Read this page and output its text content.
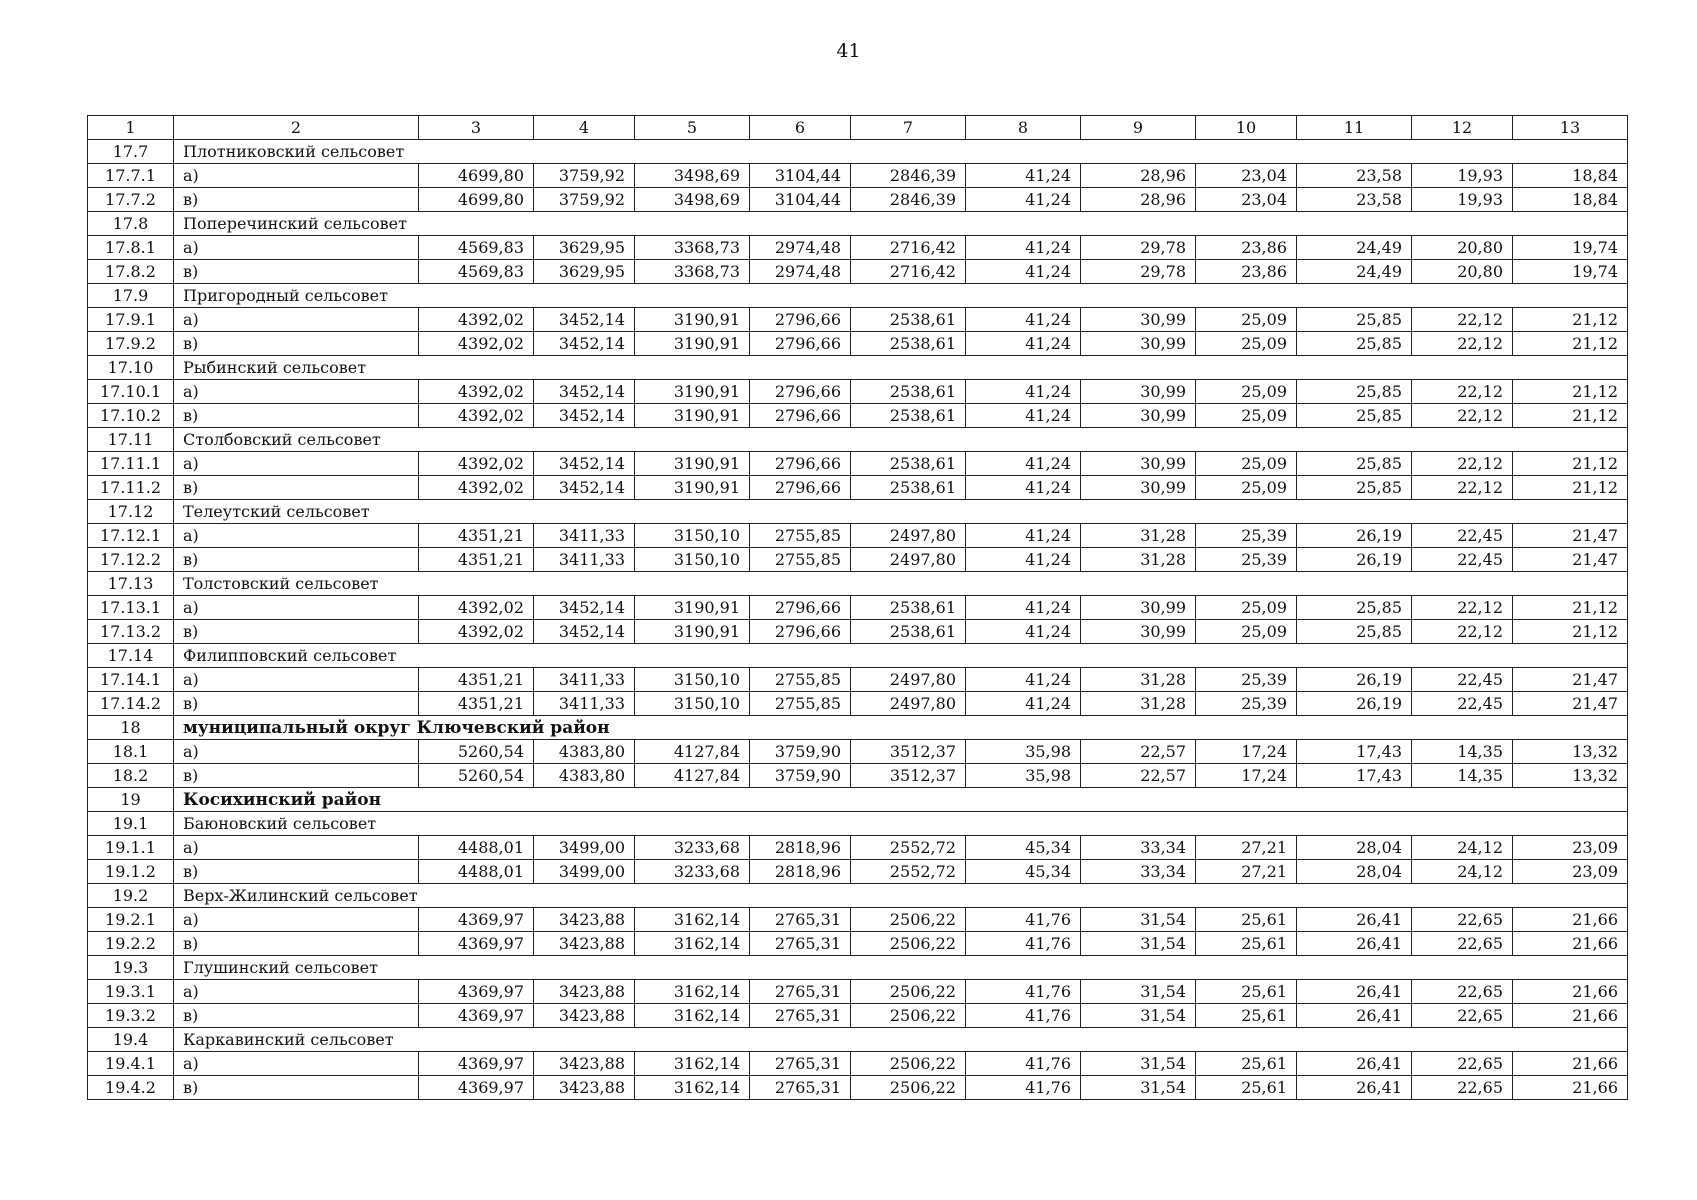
41
1	2	3	4	5	6	7	8	9	10	11	12	13
17.7	Плотниковский сельсовет											
17.7.1	а)	4699,80	3759,92	3498,69	3104,44	2846,39	41,24	28,96	23,04	23,58	19,93	18,84
17.7.2	в)	4699,80	3759,92	3498,69	3104,44	2846,39	41,24	28,96	23,04	23,58	19,93	18,84
17.8	Поперечинский сельсовет											
17.8.1	а)	4569,83	3629,95	3368,73	2974,48	2716,42	41,24	29,78	23,86	24,49	20,80	19,74
17.8.2	в)	4569,83	3629,95	3368,73	2974,48	2716,42	41,24	29,78	23,86	24,49	20,80	19,74
17.9	Пригородный сельсовет											
17.9.1	а)	4392,02	3452,14	3190,91	2796,66	2538,61	41,24	30,99	25,09	25,85	22,12	21,12
17.9.2	в)	4392,02	3452,14	3190,91	2796,66	2538,61	41,24	30,99	25,09	25,85	22,12	21,12
17.10	Рыбинский сельсовет											
17.10.1	а)	4392,02	3452,14	3190,91	2796,66	2538,61	41,24	30,99	25,09	25,85	22,12	21,12
17.10.2	в)	4392,02	3452,14	3190,91	2796,66	2538,61	41,24	30,99	25,09	25,85	22,12	21,12
17.11	Столбовский сельсовет											
17.11.1	а)	4392,02	3452,14	3190,91	2796,66	2538,61	41,24	30,99	25,09	25,85	22,12	21,12
17.11.2	в)	4392,02	3452,14	3190,91	2796,66	2538,61	41,24	30,99	25,09	25,85	22,12	21,12
17.12	Телеутский сельсовет											
17.12.1	а)	4351,21	3411,33	3150,10	2755,85	2497,80	41,24	31,28	25,39	26,19	22,45	21,47
17.12.2	в)	4351,21	3411,33	3150,10	2755,85	2497,80	41,24	31,28	25,39	26,19	22,45	21,47
17.13	Толстовский сельсовет											
17.13.1	а)	4392,02	3452,14	3190,91	2796,66	2538,61	41,24	30,99	25,09	25,85	22,12	21,12
17.13.2	в)	4392,02	3452,14	3190,91	2796,66	2538,61	41,24	30,99	25,09	25,85	22,12	21,12
17.14	Филипповский сельсовет											
17.14.1	а)	4351,21	3411,33	3150,10	2755,85	2497,80	41,24	31,28	25,39	26,19	22,45	21,47
17.14.2	в)	4351,21	3411,33	3150,10	2755,85	2497,80	41,24	31,28	25,39	26,19	22,45	21,47
18	муниципальный округ Ключевский район											
18.1	а)	5260,54	4383,80	4127,84	3759,90	3512,37	35,98	22,57	17,24	17,43	14,35	13,32
18.2	в)	5260,54	4383,80	4127,84	3759,90	3512,37	35,98	22,57	17,24	17,43	14,35	13,32
19	Косихинский район											
19.1	Баюновский сельсовет											
19.1.1	а)	4488,01	3499,00	3233,68	2818,96	2552,72	45,34	33,34	27,21	28,04	24,12	23,09
19.1.2	в)	4488,01	3499,00	3233,68	2818,96	2552,72	45,34	33,34	27,21	28,04	24,12	23,09
19.2	Верх-Жилинский сельсовет											
19.2.1	а)	4369,97	3423,88	3162,14	2765,31	2506,22	41,76	31,54	25,61	26,41	22,65	21,66
19.2.2	в)	4369,97	3423,88	3162,14	2765,31	2506,22	41,76	31,54	25,61	26,41	22,65	21,66
19.3	Глушинский сельсовет											
19.3.1	а)	4369,97	3423,88	3162,14	2765,31	2506,22	41,76	31,54	25,61	26,41	22,65	21,66
19.3.2	в)	4369,97	3423,88	3162,14	2765,31	2506,22	41,76	31,54	25,61	26,41	22,65	21,66
19.4	Каркавинский сельсовет											
19.4.1	а)	4369,97	3423,88	3162,14	2765,31	2506,22	41,76	31,54	25,61	26,41	22,65	21,66
19.4.2	в)	4369,97	3423,88	3162,14	2765,31	2506,22	41,76	31,54	25,61	26,41	22,65	21,66
